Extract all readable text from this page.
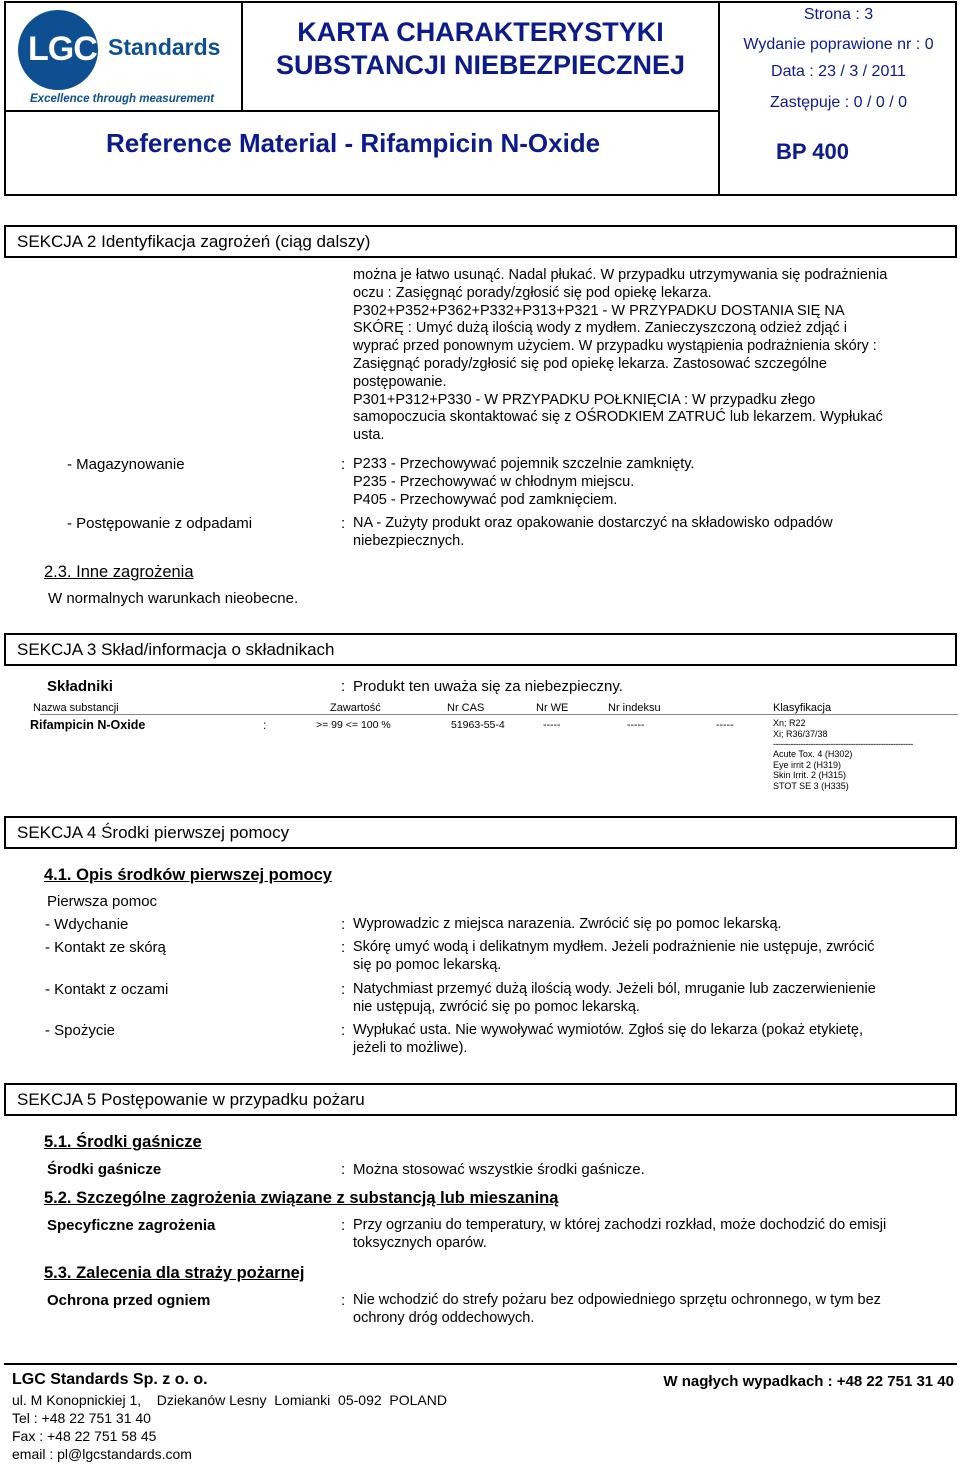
LGC Standards
Excellence through measurement
KARTA CHARAKTERYSTYKI
SUBSTANCJI NIEBEZPIECZNEJ
Reference Material - Rifampicin N-Oxide	BP 400
Strona : 3
Wydanie poprawione nr : 0
Data : 23 / 3 / 2011
Zastępuje : 0 / 0 / 0
SEKCJA 2 Identyfikacja zagrożeń (ciąg dalszy)
można je łatwo usunąć. Nadal płukać. W przypadku utrzymywania się podrażnienia
oczu : Zasięgnąć porady/zgłosić się pod opiekę lekarza.
P302+P352+P362+P332+P313+P321 - W PRZYPADKU DOSTANIA SIĘ NA
SKÓRĘ : Umyć dużą ilością wody z mydłem. Zanieczyszczoną odzież zdjąć i
wyprać przed ponownym użyciem. W przypadku wystąpienia podrażnienia skóry :
Zasięgnąć porady/zgłosić się pod opiekę lekarza. Zastosować szczególne
postępowanie.
P301+P312+P330 - W PRZYPADKU POŁKNIĘCIA : W przypadku złego
samopoczucia skontaktować się z OŚRODKIEM ZATRUĆ lub lekarzem. Wypłukać
usta.
- Magazynowanie	: P233 - Przechowywać pojemnik szczelnie zamknięty.
P235 - Przechowywać w chłodnym miejscu.
P405 - Przechowywać pod zamknięciem.
- Postępowanie z odpadami	: NA - Zużyty produkt oraz opakowanie dostarczyć na składowisko odpadów
niebezpiecznych.
2.3. Inne zagrożenia
W normalnych warunkach nieobecne.
SEKCJA 3 Skład/informacja o składnikach
Składniki	: Produkt ten uważa się za niebezpieczny.
Nazwa substancji	Zawartość	Nr CAS	Nr WE	Nr indeksu	Klasyfikacja
Rifampicin N-Oxide	:	>= 99 <= 100 %	51963-55-4	-----	-----	-----	Xn; R22
Xi; R36/37/38
--------------------------------------------------------
Acute Tox. 4 (H302)
Eye irrit 2 (H319)
Skin Irrit. 2 (H315)
STOT SE 3 (H335)
SEKCJA 4 Środki pierwszej pomocy
4.1. Opis środków pierwszej pomocy
Pierwsza pomoc
- Wdychanie	: Wyprowadzic z miejsca narazenia. Zwrócić się po pomoc lekarską.
- Kontakt ze skórą	: Skórę umyć wodą i delikatnym mydłem. Jeżeli podrażnienie nie ustępuje, zwrócić
się po pomoc lekarską.
- Kontakt z oczami	: Natychmiast przemyć dużą ilością wody. Jeżeli ból, mruganie lub zaczerwienienie
nie ustępują, zwrócić się po pomoc lekarską.
- Spożycie	: Wypłukać usta. Nie wywoływać wymiotów. Zgłoś się do lekarza (pokaż etykietę,
jeżeli to możliwe).
SEKCJA 5 Postępowanie w przypadku pożaru
5.1. Środki gaśnicze
Środki gaśnicze	: Można stosować wszystkie środki gaśnicze.
5.2. Szczególne zagrożenia związane z substancją lub mieszaniną
Specyficzne zagrożenia	: Przy ogrzaniu do temperatury, w której zachodzi rozkład, może dochodzić do emisji
toksycznych oparów.
5.3. Zalecenia dla straży pożarnej
Ochrona przed ogniem	: Nie wchodzić do strefy pożaru bez odpowiedniego sprzętu ochronnego, w tym bez
ochrony dróg oddechowych.
LGC Standards Sp. z o. o.
ul. M Konopnickiej 1,    Dziekanów Lesny  Lomianki  05-092  POLAND
Tel : +48 22 751 31 40
Fax : +48 22 751 58 45
email : pl@lgcstandards.com
W nagłych wypadkach : +48 22 751 31 40
